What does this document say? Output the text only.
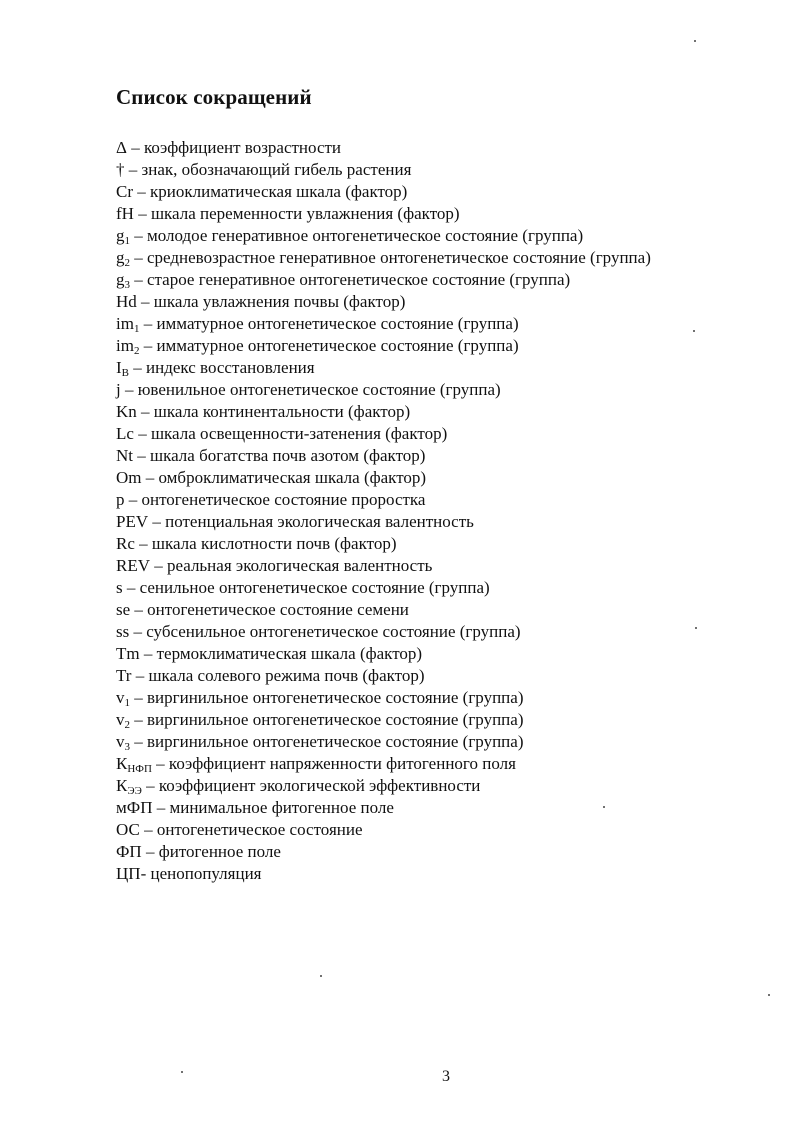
Список сокращений
Δ – коэффициент возрастности
† – знак, обозначающий гибель растения
Cr – криоклиматическая шкала (фактор)
fH – шкала переменности увлажнения (фактор)
$g_1$ – молодое генеративное онтогенетическое состояние (группа)
$g_2$ – средневозрастное генеративное онтогенетическое состояние (группа)
$g_3$ – старое генеративное онтогенетическое состояние (группа)
Hd – шкала увлажнения почвы (фактор)
$im_1$ – имматурное онтогенетическое состояние (группа)
$im_2$ – имматурное онтогенетическое состояние (группа)
$I_B$ – индекс восстановления
j – ювенильное онтогенетическое состояние (группа)
Kn – шкала континентальности (фактор)
Lc – шкала освещенности-затенения (фактор)
Nt – шкала богатства почв азотом (фактор)
Om – омброклиматическая шкала (фактор)
p – онтогенетическое состояние проростка
PEV – потенциальная экологическая валентность
Rc – шкала кислотности почв (фактор)
REV – реальная экологическая валентность
s – сенильное онтогенетическое состояние (группа)
se – онтогенетическое состояние семени
ss – субсенильное онтогенетическое состояние (группа)
Tm – термоклиматическая шкала (фактор)
Tr – шкала солевого режима почв (фактор)
$v_1$ – виргинильное онтогенетическое состояние (группа)
$v_2$ – виргинильное онтогенетическое состояние (группа)
$v_3$ – виргинильное онтогенетическое состояние (группа)
$К_{НФП}$ – коэффициент напряженности фитогенного поля
$К_{ЭЭ}$ – коэффициент экологической эффективности
мФП – минимальное фитогенное поле
ОС – онтогенетическое состояние
ФП – фитогенное поле
ЦП- ценопопуляция
3
